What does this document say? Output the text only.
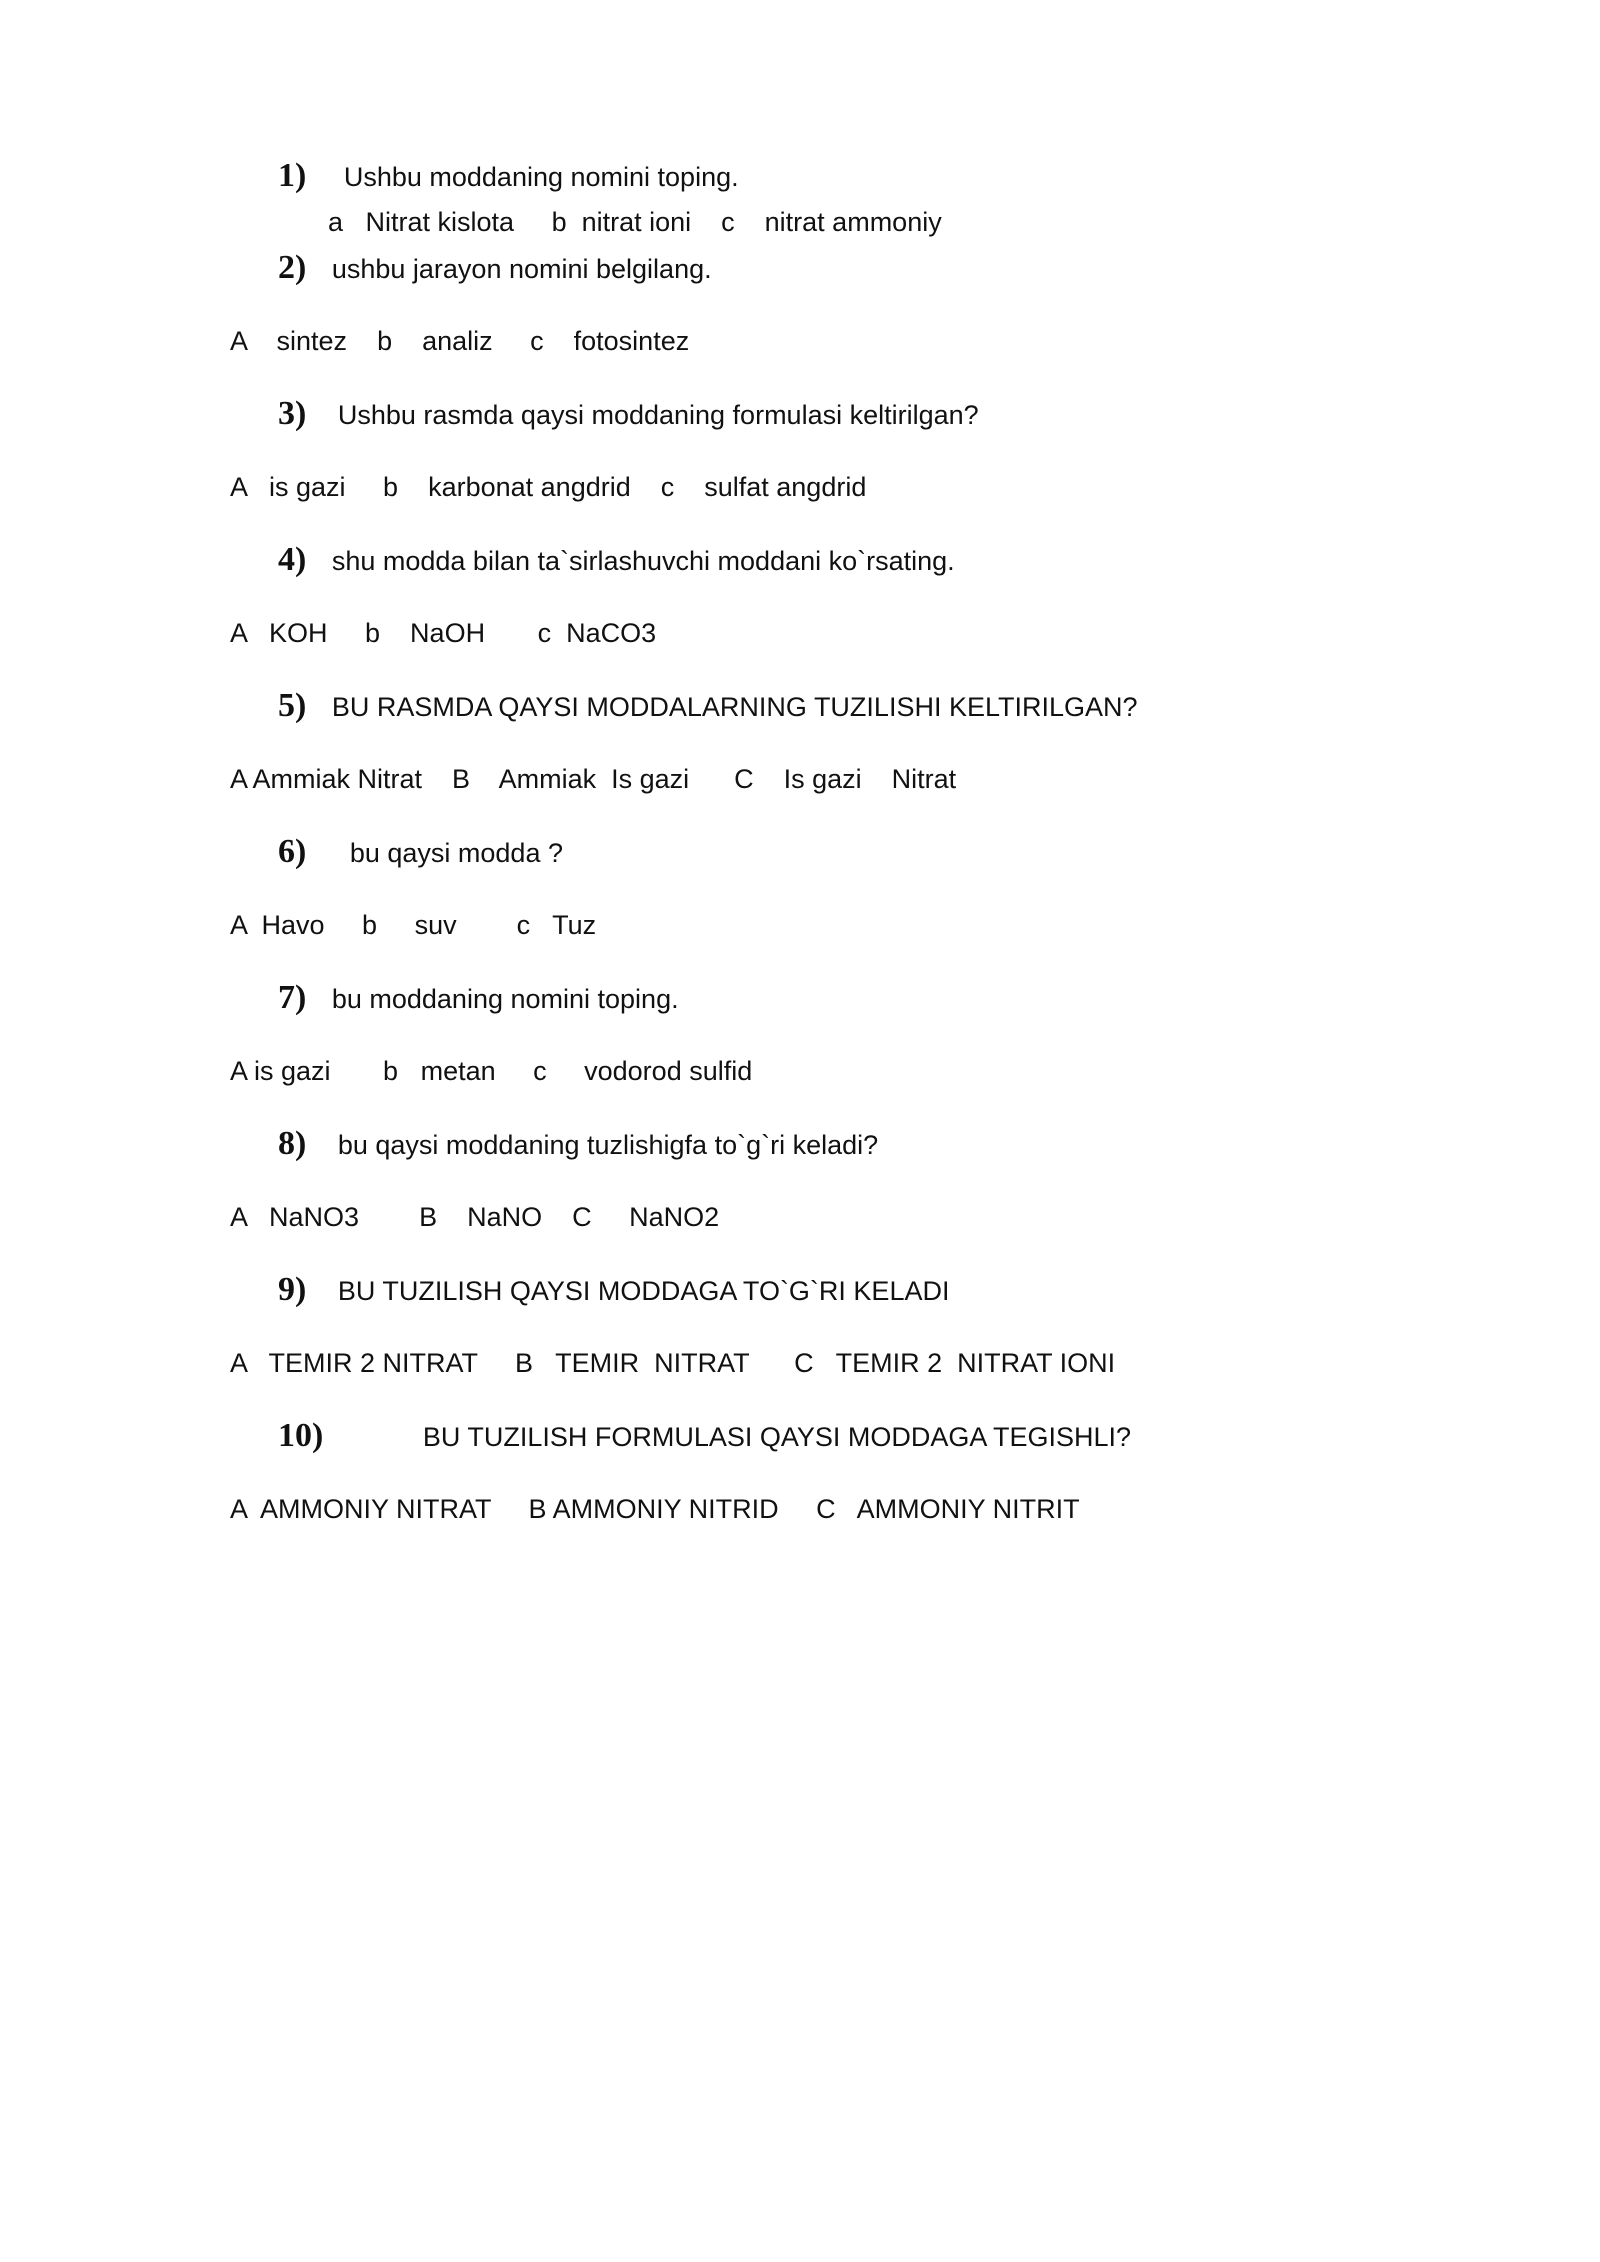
1) Ushbu moddaning nomini toping.
a   Nitrat kislota     b  nitrat ioni    c    nitrat ammoniy
2) ushbu jarayon nomini belgilang.
A    sintez    b    analiz     c    fotosintez
3) Ushbu rasmda qaysi moddaning formulasi keltirilgan?
A   is gazi     b    karbonat angdrid    c    sulfat angdrid
4) shu modda bilan ta`sirlashuvchi moddani ko`rsating.
A   KOH     b    NaOH       c  NaCO3
5) BU RASMDA QAYSI MODDALARNING TUZILISHI KELTIRILGAN?
A Ammiak Nitrat    B    Ammiak  Is gazi      C    Is gazi    Nitrat
6) bu qaysi modda ?
A  Havo     b     suv        c   Tuz
7) bu moddaning nomini toping.
A is gazi       b   metan     c     vodorod sulfid
8) bu qaysi moddaning tuzlishigfa to`g`ri keladi?
A   NaNO3        B    NaNO    C     NaNO2
9) BU TUZILISH QAYSI MODDAGA TO`G`RI KELADI
A   TEMIR 2 NITRAT     B   TEMIR  NITRAT      C   TEMIR 2  NITRAT IONI
10)	BU TUZILISH FORMULASI QAYSI MODDAGA TEGISHLI?
A  AMMONIY NITRAT     B AMMONIY NITRID     C   AMMONIY NITRIT
